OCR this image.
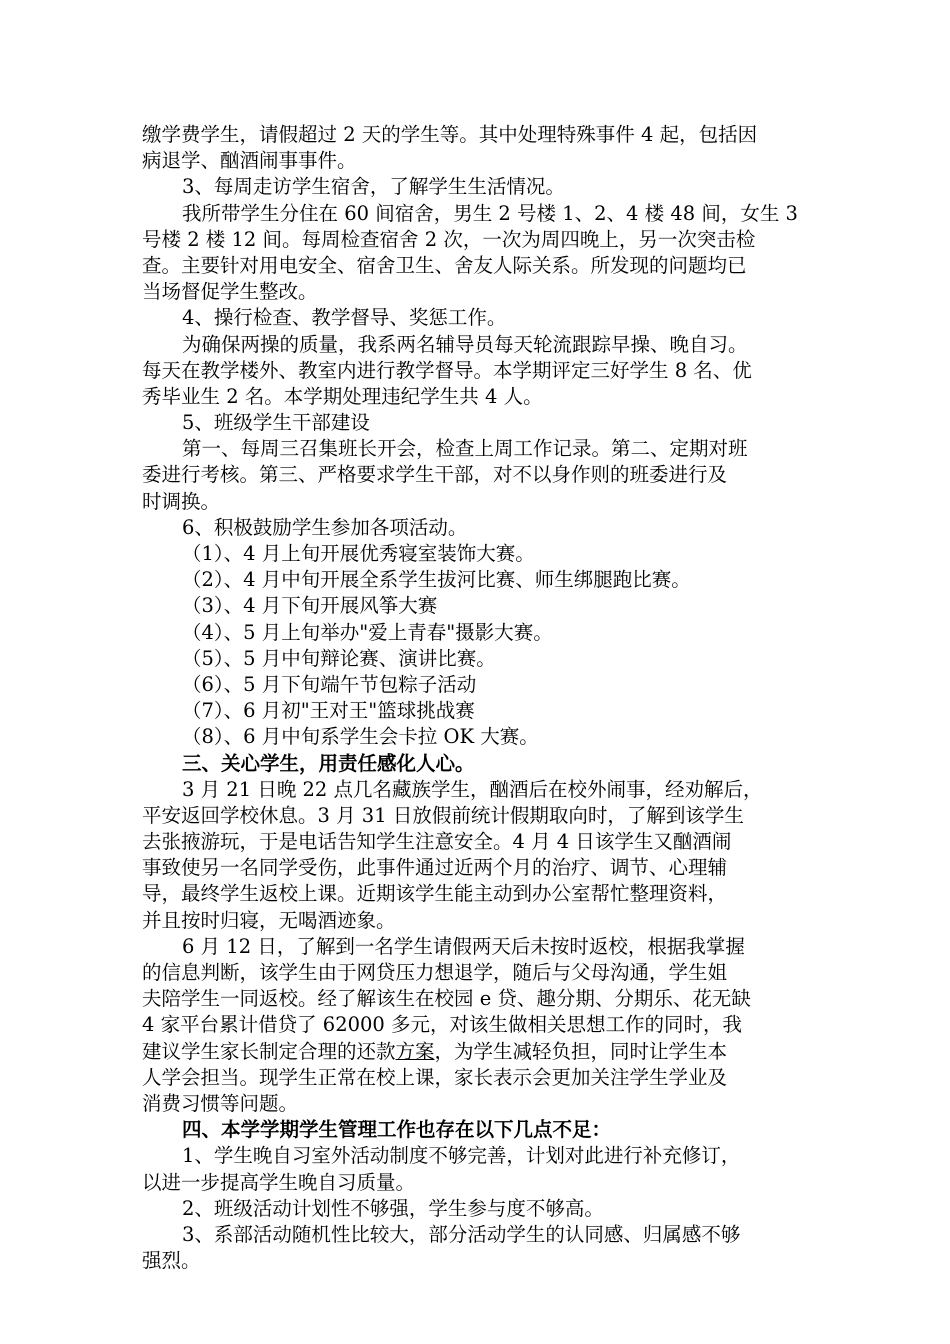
缴学费学生，请假超过 2 天的学生等。其中处理特殊事件 4 起，包括因
病退学、酗酒闹事事件。
3、每周走访学生宿舍，了解学生生活情况。
我所带学生分住在 60 间宿舍，男生 2 号楼 1、2、4 楼 48 间，女生 3
号楼 2 楼 12 间。每周检查宿舍 2 次，一次为周四晚上，另一次突击检
查。主要针对用电安全、宿舍卫生、舍友人际关系。所发现的问题均已
当场督促学生整改。
4、操行检查、教学督导、奖惩工作。
为确保两操的质量，我系两名辅导员每天轮流跟踪早操、晚自习。
每天在教学楼外、教室内进行教学督导。本学期评定三好学生 8 名、优
秀毕业生 2 名。本学期处理违纪学生共 4 人。
5、班级学生干部建设
第一、每周三召集班长开会，检查上周工作记录。第二、定期对班
委进行考核。第三、严格要求学生干部，对不以身作则的班委进行及
时调换。
6、积极鼓励学生参加各项活动。
（1）、4 月上旬开展优秀寝室装饰大赛。
（2）、4 月中旬开展全系学生拔河比赛、师生绑腿跑比赛。
（3）、4 月下旬开展风筝大赛
（4）、5 月上旬举办"爱上青春"摄影大赛。
（5）、5 月中旬辩论赛、演讲比赛。
（6）、5 月下旬端午节包粽子活动
（7）、6 月初"王对王"篮球挑战赛
（8）、6 月中旬系学生会卡拉 OK 大赛。
三、关心学生，用责任感化人心。
3 月 21 日晚 22 点几名藏族学生，酗酒后在校外闹事，经劝解后，
平安返回学校休息。3 月 31 日放假前统计假期取向时，了解到该学生
去张掖游玩，于是电话告知学生注意安全。4 月 4 日该学生又酗酒闹
事致使另一名同学受伤，此事件通过近两个月的治疗、调节、心理辅
导，最终学生返校上课。近期该学生能主动到办公室帮忙整理资料，
并且按时归寝，无喝酒迹象。
6 月 12 日，了解到一名学生请假两天后未按时返校，根据我掌握
的信息判断，该学生由于网贷压力想退学，随后与父母沟通，学生姐
夫陪学生一同返校。经了解该生在校园 e 贷、趣分期、分期乐、花无缺
4 家平台累计借贷了 62000 多元，对该生做相关思想工作的同时，我
建议学生家长制定合理的还款方案，为学生减轻负担，同时让学生本
人学会担当。现学生正常在校上课，家长表示会更加关注学生学业及
消费习惯等问题。
四、本学学期学生管理工作也存在以下几点不足：
1、学生晚自习室外活动制度不够完善，计划对此进行补充修订，
以进一步提高学生晚自习质量。
2、班级活动计划性不够强，学生参与度不够高。
3、系部活动随机性比较大，部分活动学生的认同感、归属感不够
强烈。
